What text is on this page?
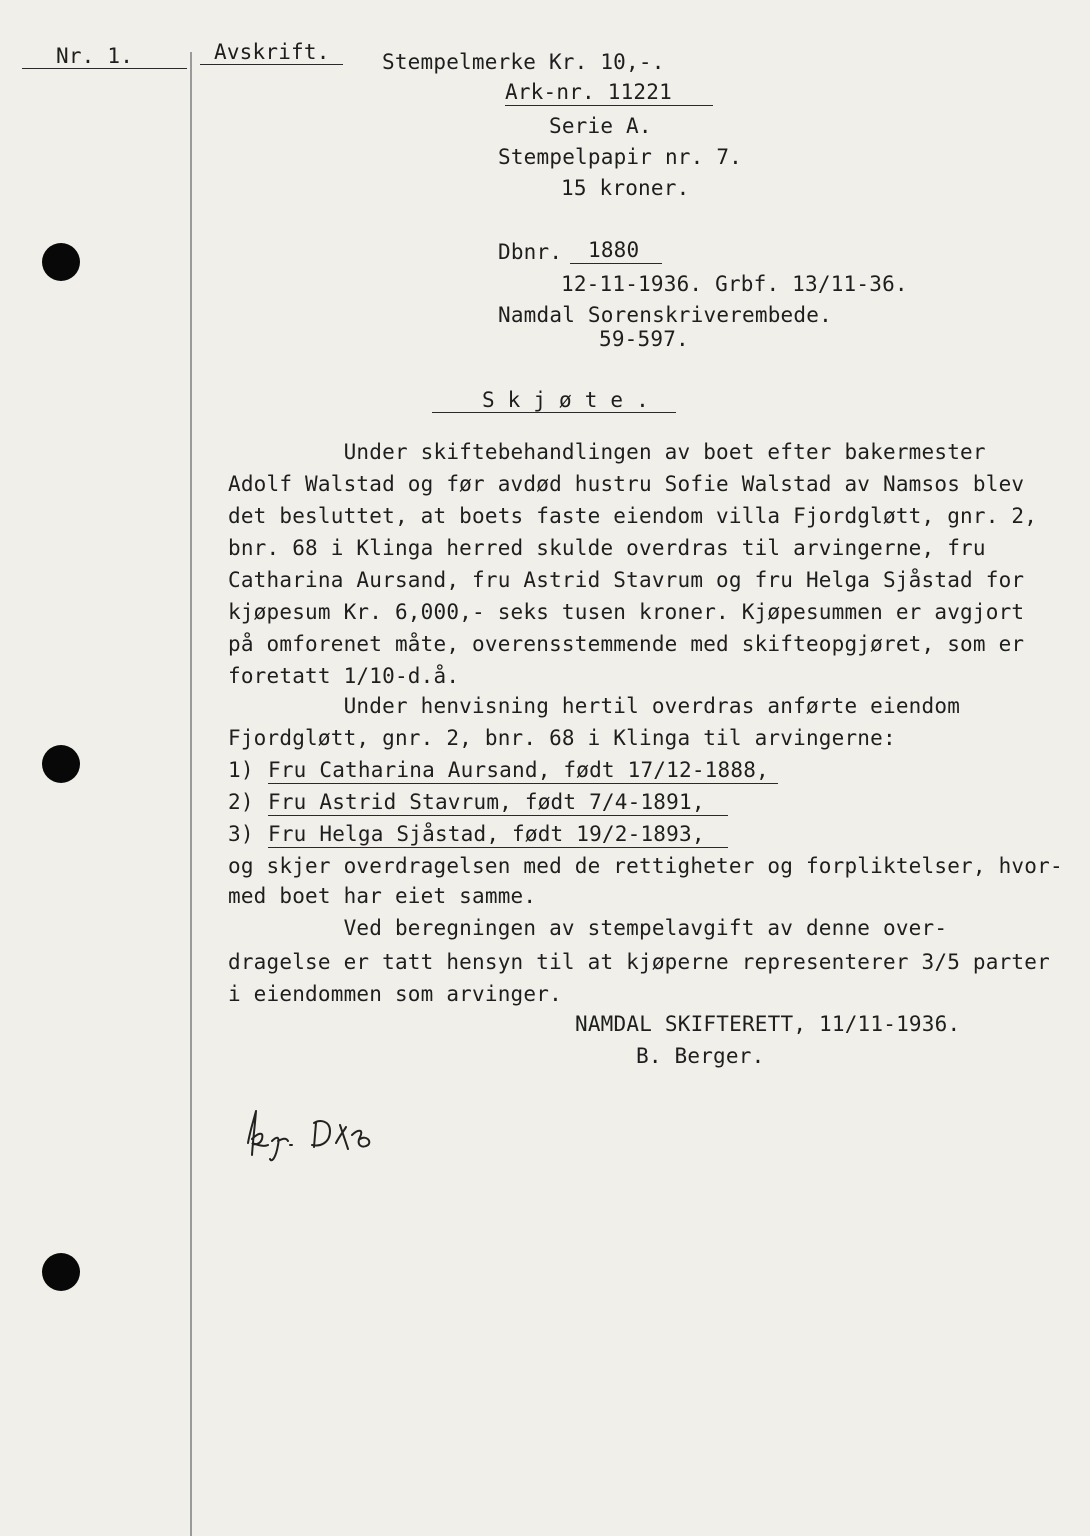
Nr. 1.	Avskrift.	Stempelmerke Kr. 10,-.
Ark-nr. 11221
Serie A.
Stempelpapir nr. 7.
15 kroner.
Dbnr.	1880
12-11-1936. Grbf. 13/11-36.
Namdal Sorenskriverembede.
59-597.
S k j ø t e .
Under skiftebehandlingen av boet efter bakermester
Adolf Walstad og før avdød hustru Sofie Walstad av Namsos blev
det besluttet, at boets faste eiendom villa Fjordgløtt, gnr. 2,
bnr. 68 i Klinga herred skulde overdras til arvingerne, fru
Catharina Aursand, fru Astrid Stavrum og fru Helga Sjåstad for
kjøpesum Kr. 6,000,- seks tusen kroner. Kjøpesummen er avgjort
på omforenet måte, overensstemmende med skifteopgjøret, som er
foretatt 1/10-d.å.
Under henvisning hertil overdras anførte eiendom
Fjordgløtt, gnr. 2, bnr. 68 i Klinga til arvingerne:
1) Fru Catharina Aursand, født 17/12-1888,
2) Fru Astrid Stavrum, født 7/4-1891,
3) Fru Helga Sjåstad, født 19/2-1893,
og skjer overdragelsen med de rettigheter og forpliktelser, hvor-
med boet har eiet samme.
Ved beregningen av stempelavgift av denne over-
dragelse er tatt hensyn til at kjøperne representerer 3/5 parter
i eiendommen som arvinger.
NAMDAL SKIFTERETT, 11/11-1936.
B. Berger.
